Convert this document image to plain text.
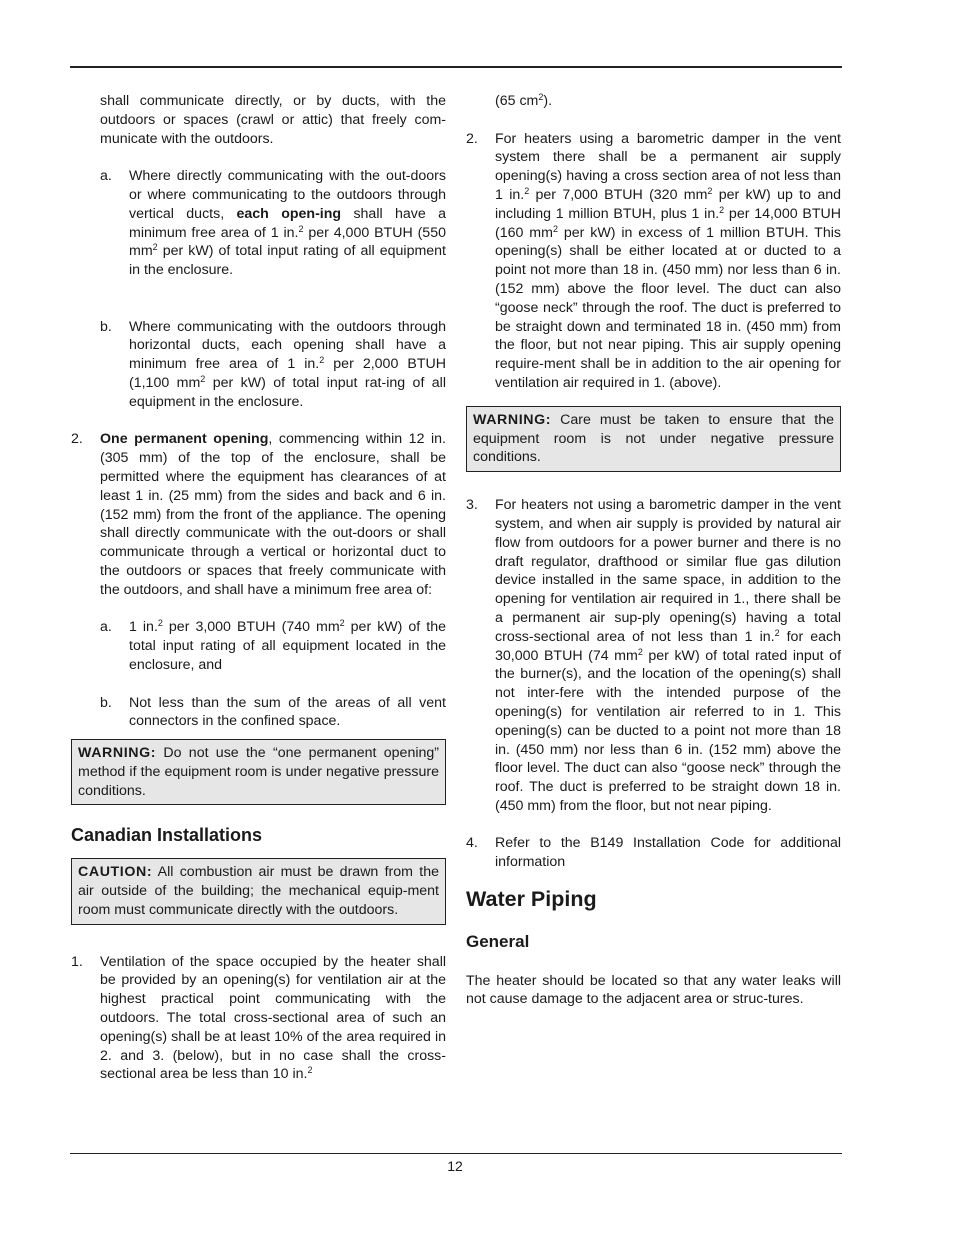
shall communicate directly, or by ducts, with the outdoors or spaces (crawl or attic) that freely com-municate with the outdoors.

a.	Where directly communicating with the out-doors or where communicating to the outdoors through vertical ducts, each open-ing shall have a minimum free area of 1 in.$^2$ per 4,000 BTUH (550 $mm^2$ per kW) of total input rating of all equipment in the enclosure.
b.	Where communicating with the outdoors through horizontal ducts, each opening shall have a minimum free area of 1 in.$^2$ per 2,000 BTUH (1,100 $mm^2$ per kW) of total input rat-ing of all equipment in the enclosure.
2.	One permanent opening, commencing within 12 in. (305 mm) of the top of the enclosure, shall be permitted where the equipment has clearances of at least 1 in. (25 mm) from the sides and back and 6 in. (152 mm) from the front of the appliance. The opening shall directly communicate with the out-doors or shall communicate through a vertical or horizontal duct to the outdoors or spaces that freely communicate with the outdoors, and shall have a minimum free area of:
a.	1 in.$^2$ per 3,000 BTUH (740 $mm^2$ per kW) of the total input rating of all equipment located in the enclosure, and
b.	Not less than the sum of the areas of all vent connectors in the confined space.
WARNING: Do not use the “one permanent opening” method if the equipment room is under negative pressure conditions.
Canadian Installations
CAUTION: All combustion air must be drawn from the air outside of the building; the mechanical equip-ment room must communicate directly with the outdoors.
1.	Ventilation of the space occupied by the heater shall be provided by an opening(s) for ventilation air at the highest practical point communicating with the outdoors. The total cross-sectional area of such an opening(s) shall be at least 10% of the area required in 2. and 3. (below), but in no case shall the cross-sectional area be less than 10 in.$^2$

(65 $cm^2$).

2.	For heaters using a barometric damper in the vent system there shall be a permanent air supply opening(s) having a cross section area of not less than 1 in.$^2$ per 7,000 BTUH (320 $mm^2$ per kW) up to and including 1 million BTUH, plus 1 in.$^2$ per 14,000 BTUH (160 $mm^2$ per kW) in excess of 1 million BTUH. This opening(s) shall be either located at or ducted to a point not more than 18 in. (450 mm) nor less than 6 in. (152 mm) above the floor level. The duct can also “goose neck” through the roof. The duct is preferred to be straight down and terminated 18 in. (450 mm) from the floor, but not near piping. This air supply opening require-ment shall be in addition to the air opening for ventilation air required in 1. (above).
WARNING: Care must be taken to ensure that the equipment room is not under negative pressure conditions.
3.	For heaters not using a barometric damper in the vent system, and when air supply is provided by natural air flow from outdoors for a power burner and there is no draft regulator, drafthood or similar flue gas dilution device installed in the same space, in addition to the opening for ventilation air required in 1., there shall be a permanent air sup-ply opening(s) having a total cross-sectional area of not less than 1 in.$^2$ for each 30,000 BTUH (74 $mm^2$ per kW) of total rated input of the burner(s), and the location of the opening(s) shall not inter-fere with the intended purpose of the opening(s) for ventilation air referred to in 1. This opening(s) can be ducted to a point not more than 18 in. (450 mm) nor less than 6 in. (152 mm) above the floor level. The duct can also “goose neck” through the roof. The duct is preferred to be straight down 18 in. (450 mm) from the floor, but not near piping.
4.	Refer to the B149 Installation Code for additional information
Water Piping
General

The heater should be located so that any water leaks will not cause damage to the adjacent area or struc-tures.

12
